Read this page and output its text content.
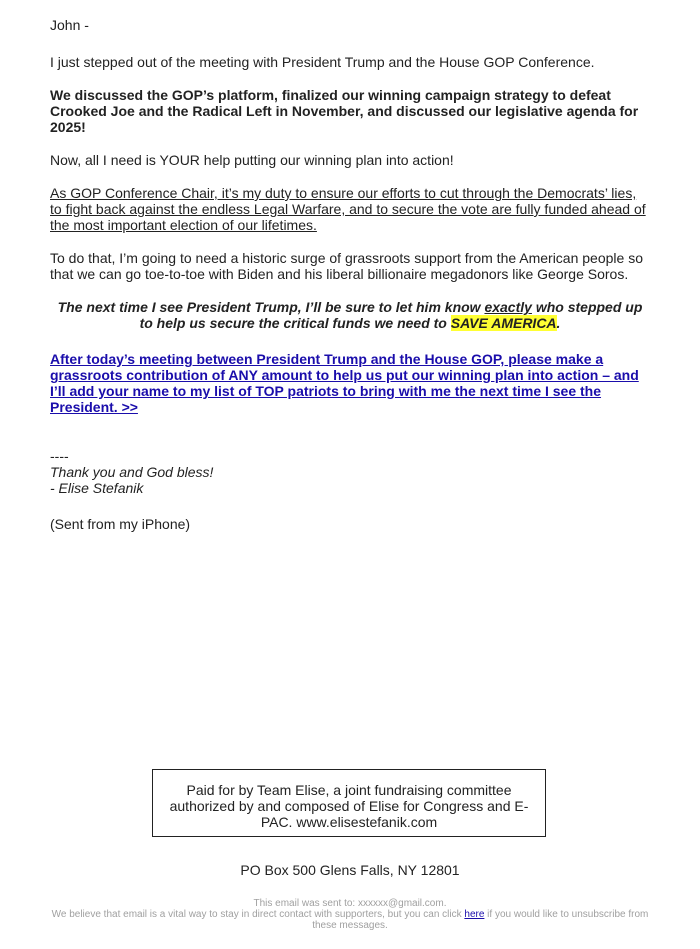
John -

I just stepped out of the meeting with President Trump and the House GOP Conference.

We discussed the GOP’s platform, finalized our winning campaign strategy to defeat Crooked Joe and the Radical Left in November, and discussed our legislative agenda for 2025!

Now, all I need is YOUR help putting our winning plan into action!

As GOP Conference Chair, it’s my duty to ensure our efforts to cut through the Democrats’ lies, to fight back against the endless Legal Warfare, and to secure the vote are fully funded ahead of the most important election of our lifetimes.

To do that, I’m going to need a historic surge of grassroots support from the American people so that we can go toe-to-toe with Biden and his liberal billionaire megadonors like George Soros.

The next time I see President Trump, I’ll be sure to let him know exactly who stepped up to help us secure the critical funds we need to SAVE AMERICA.

After today’s meeting between President Trump and the House GOP, please make a grassroots contribution of ANY amount to help us put our winning plan into action – and I’ll add your name to my list of TOP patriots to bring with me the next time I see the President. >>

----
Thank you and God bless!
- Elise Stefanik

(Sent from my iPhone)

Paid for by Team Elise, a joint fundraising committee authorized by and composed of Elise for Congress and E-PAC. www.elisestefanik.com
PO Box 500 Glens Falls, NY 12801
This email was sent to: xxxxxx@gmail.com.
We believe that email is a vital way to stay in direct contact with supporters, but you can click here if you would like to unsubscribe from these messages.
